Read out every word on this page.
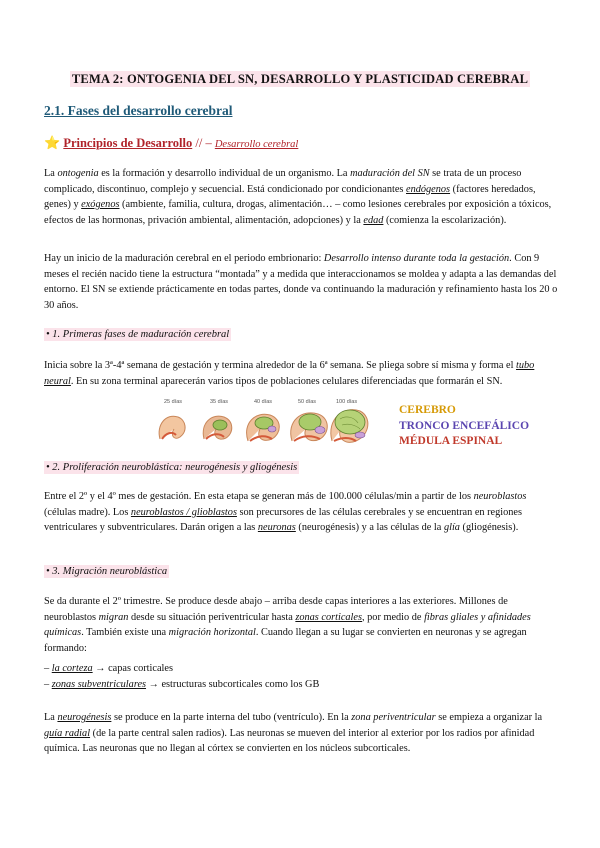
TEMA 2: ONTOGENIA DEL SN, DESARROLLO Y PLASTICIDAD CEREBRAL
2.1. Fases del desarrollo cerebral
⭐ Principios de Desarrollo // – Desarrollo cerebral

La ontogenia es la formación y desarrollo individual de un organismo. La maduración del SN se trata de un proceso complicado, discontinuo, complejo y secuencial. Está condicionado por condicionantes endógenos (factores heredados, genes) y exógenos (ambiente, familia, cultura, drogas, alimentación… – como lesiones cerebrales por exposición a tóxicos, efectos de las hormonas, privación ambiental, alimentación, adopciones) y la edad (comienza la escolarización).

Hay un inicio de la maduración cerebral en el periodo embrionario: Desarrollo intenso durante toda la gestación. Con 9 meses el recién nacido tiene la estructura “montada” y a medida que interaccionamos se moldea y adapta a las demandas del entorno. El SN se extiende prácticamente en todas partes, donde va continuando la maduración y refinamiento hasta los 20 o 30 años.

• 1. Primeras fases de maduración cerebral

Inicia sobre la 3ª-4ª semana de gestación y termina alrededor de la 6ª semana. Se pliega sobre sí misma y forma el tubo neural. En su zona terminal aparecerán varios tipos de poblaciones celulares diferenciadas que formarán el SN.

25 días	35 días	40 días	50 días	100 días
CEREBRO
TRONCO ENCEFÁLICO
MÉDULA ESPINAL
• 2. Proliferación neuroblástica: neurogénesis y gliogénesis

Entre el 2º y el 4º mes de gestación. En esta etapa se generan más de 100.000 células/min a partir de los neuroblastos (células madre). Los neuroblastos / glioblastos son precursores de las células cerebrales y se encuentran en regiones ventriculares y subventriculares. Darán origen a las neuronas (neurogénesis) y a las células de la glía (gliogénesis).

• 3. Migración neuroblástica

Se da durante el 2º trimestre. Se produce desde abajo – arriba desde capas interiores a las exteriores. Millones de neuroblastos migran desde su situación periventricular hasta zonas corticales, por medio de fibras gliales y afinidades químicas. También existe una migración horizontal. Cuando llegan a su lugar se convierten en neuronas y se agregan formando:

– la corteza → capas corticales

– zonas subventriculares → estructuras subcorticales como los GB

La neurogénesis se produce en la parte interna del tubo (ventrículo). En la zona periventricular se empieza a organizar la guía radial (de la parte central salen radios). Las neuronas se mueven del interior al exterior por los radios por afinidad química. Las neuronas que no llegan al córtex se convierten en los núcleos subcorticales.
